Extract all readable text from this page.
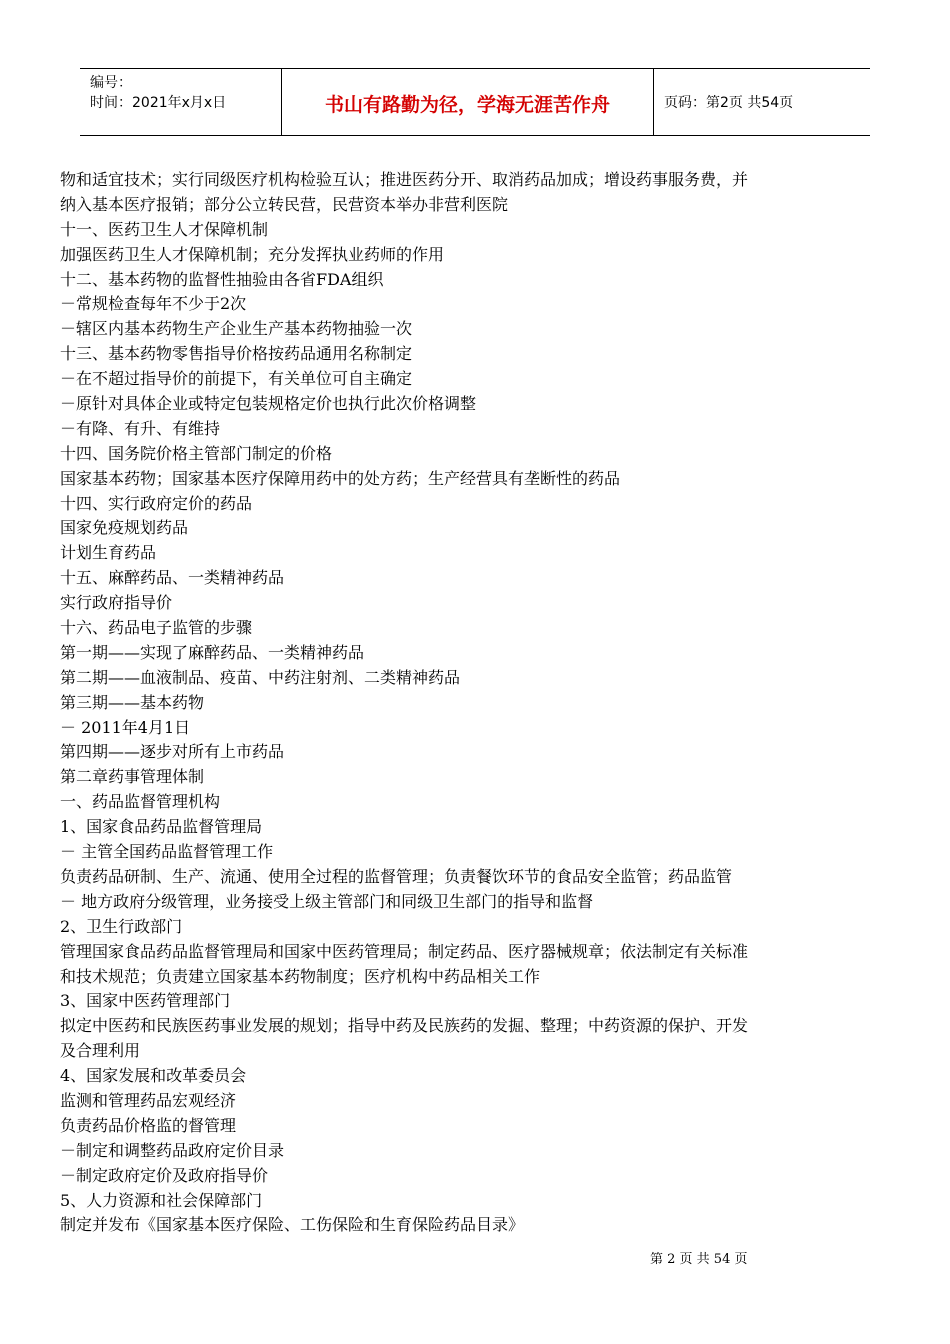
编号：
时间：2021年x月x日	书山有路勤为径，学海无涯苦作舟	页码：第2页 共54页
物和适宜技术；实行同级医疗机构检验互认；推进医药分开、取消药品加成；增设药事服务费，并
纳入基本医疗报销；部分公立转民营，民营资本举办非营利医院
十一、医药卫生人才保障机制
加强医药卫生人才保障机制；充分发挥执业药师的作用
十二、基本药物的监督性抽验由各省FDA组织
－常规检查每年不少于2次
－辖区内基本药物生产企业生产基本药物抽验一次
十三、基本药物零售指导价格按药品通用名称制定
－在不超过指导价的前提下，有关单位可自主确定
－原针对具体企业或特定包装规格定价也执行此次价格调整
－有降、有升、有维持
十四、国务院价格主管部门制定的价格
国家基本药物；国家基本医疗保障用药中的处方药；生产经营具有垄断性的药品
十四、实行政府定价的药品
国家免疫规划药品
计划生育药品
十五、麻醉药品、一类精神药品
实行政府指导价
十六、药品电子监管的步骤
第一期——实现了麻醉药品、一类精神药品
第二期——血液制品、疫苗、中药注射剂、二类精神药品
第三期——基本药物
－ 2011年4月1日
第四期——逐步对所有上市药品
第二章药事管理体制
一、药品监督管理机构
1、国家食品药品监督管理局
－ 主管全国药品监督管理工作
负责药品研制、生产、流通、使用全过程的监督管理；负责餐饮环节的食品安全监管；药品监管
－ 地方政府分级管理，业务接受上级主管部门和同级卫生部门的指导和监督
2、卫生行政部门
管理国家食品药品监督管理局和国家中医药管理局；制定药品、医疗器械规章；依法制定有关标准
和技术规范；负责建立国家基本药物制度；医疗机构中药品相关工作
3、国家中医药管理部门
拟定中医药和民族医药事业发展的规划；指导中药及民族药的发掘、整理；中药资源的保护、开发
及合理利用
4、国家发展和改革委员会
监测和管理药品宏观经济
负责药品价格监的督管理
－制定和调整药品政府定价目录
－制定政府定价及政府指导价
5、人力资源和社会保障部门
制定并发布《国家基本医疗保险、工伤保险和生育保险药品目录》
第 2 页 共 54 页
